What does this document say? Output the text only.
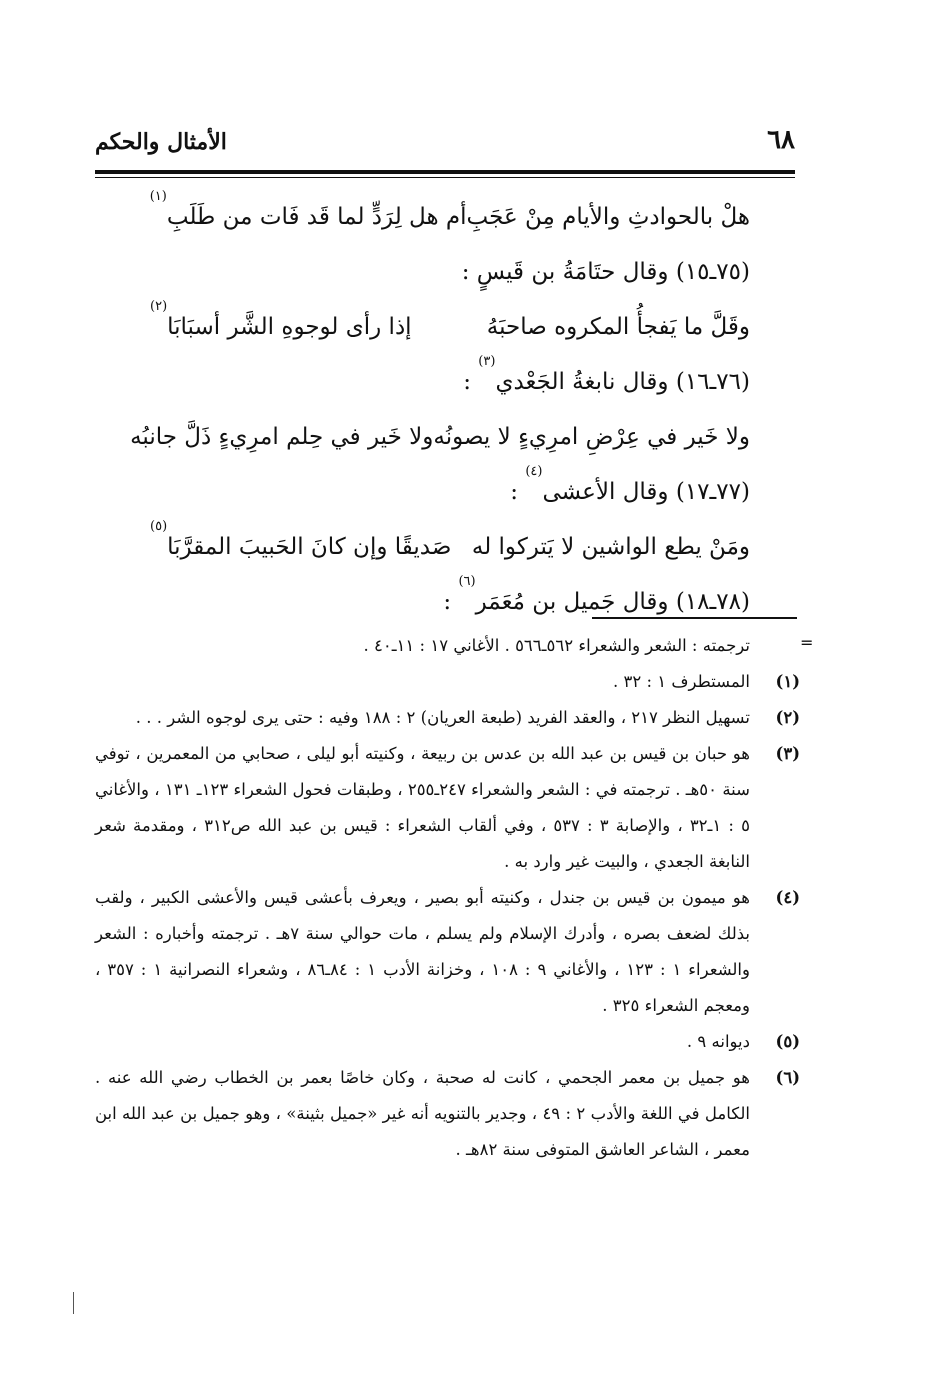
٦٨
الأمثال والحكم
هلْ بالحوادثِ والأيام مِنْ عَجَبِ
أم هل لِرَدٍّ لما قَد فَات من طَلَبِ$^{(١)}$
(٧٥ـ١٥) وقال حتَامَةُ بن قَيسٍ :
وقَلَّ ما يَفجأُ المكروه صاحبَهُ
إذا رأى لوجوهِ الشَّر أسبَابَا$^{(٢)}$
(٧٦ـ١٦) وقال نابغةُ الجَعْدي$^{(٣)}$ :
ولا خَير في عِرْضِ امرِيءٍ لا يصونُه
ولا خَير في حِلم امرِيءٍ ذَلَّ جانبُه
(٧٧ـ١٧) وقال الأعشى$^{(٤)}$ :
ومَنْ يطع الواشين لا يَتركوا له
صَديقًا وإن كانَ الحَبيبَ المقرَّبَا$^{(٥)}$
(٧٨ـ١٨) وقال جَميل بن مُعَمَر$^{(٦)}$ :
=
ترجمته : الشعر والشعراء ٥٦٢ـ٥٦٦ . الأغاني ١٧ : ١١ـ٤٠ .
(١)
المستطرف ١ : ٣٢ .
(٢)
تسهيل النظر ٢١٧ ، والعقد الفريد (طبعة العريان) ٢ : ١٨٨ وفيه : حتى يرى لوجوه الشر . . .
(٣)
هو حبان بن قيس بن عبد الله بن عدس بن ربيعة ، وكنيته أبو ليلى ، صحابي من المعمرين ، توفي سنة ٥٠هـ . ترجمته في : الشعر والشعراء ٢٤٧ـ٢٥٥ ، وطبقات فحول الشعراء ١٢٣ـ ١٣١ ، والأغاني ٥ : ١ـ٣٢ ، والإصابة ٣ : ٥٣٧ ، وفي ألقاب الشعراء : قيس بن عبد الله ص٣١٢ ، ومقدمة شعر النابغة الجعدي ، والبيت غير وارد به .
(٤)
هو ميمون بن قيس بن جندل ، وكنيته أبو بصير ، ويعرف بأعشى قيس والأعشى الكبير ، ولقب بذلك لضعف بصره ، وأدرك الإسلام ولم يسلم ، مات حوالي سنة ٧هـ . ترجمته وأخباره : الشعر والشعراء ١ : ١٢٣ ، والأغاني ٩ : ١٠٨ ، وخزانة الأدب ١ : ٨٤ـ٨٦ ، وشعراء النصرانية ١ : ٣٥٧ ، ومعجم الشعراء ٣٢٥ .
(٥)
ديوانه ٩ .
(٦)
هو جميل بن معمر الجحمي ، كانت له صحبة ، وكان خاصًا بعمر بن الخطاب رضي الله عنه . الكامل في اللغة والأدب ٢ : ٤٩ ، وجدير بالتنويه أنه غير «جميل بثينة» ، وهو جميل بن عبد الله ابن معمر ، الشاعر العاشق المتوفى سنة ٨٢هـ .
